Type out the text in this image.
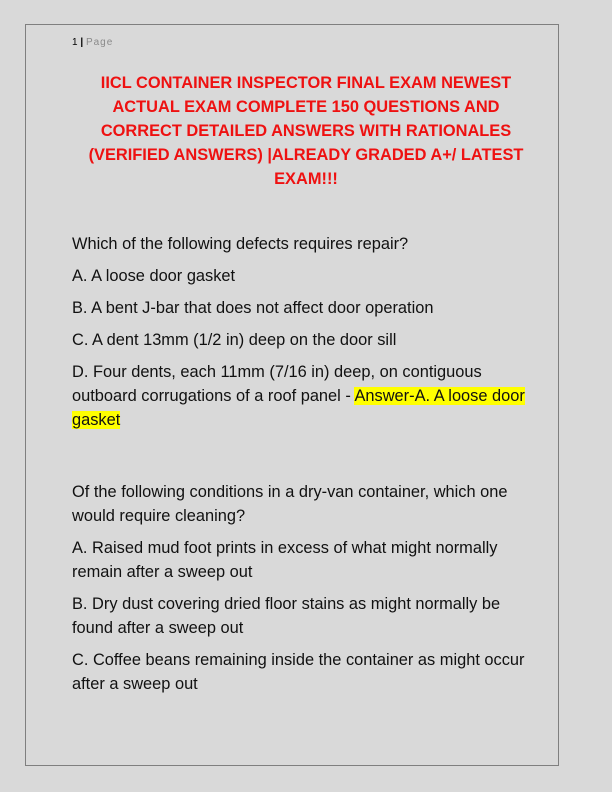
1 | Page
IICL CONTAINER INSPECTOR FINAL EXAM NEWEST ACTUAL EXAM COMPLETE 150 QUESTIONS AND CORRECT DETAILED ANSWERS WITH RATIONALES (VERIFIED ANSWERS) |ALREADY GRADED A+/ LATEST EXAM!!!

Which of the following defects requires repair?

A. A loose door gasket

B. A bent J-bar that does not affect door operation

C. A dent 13mm (1/2 in) deep on the door sill

D. Four dents, each 11mm (7/16 in) deep, on contiguous outboard corrugations of a roof panel - Answer-A. A loose door gasket

Of the following conditions in a dry-van container, which one would require cleaning?

A. Raised mud foot prints in excess of what might normally remain after a sweep out

B. Dry dust covering dried floor stains as might normally be found after a sweep out

C. Coffee beans remaining inside the container as might occur after a sweep out
